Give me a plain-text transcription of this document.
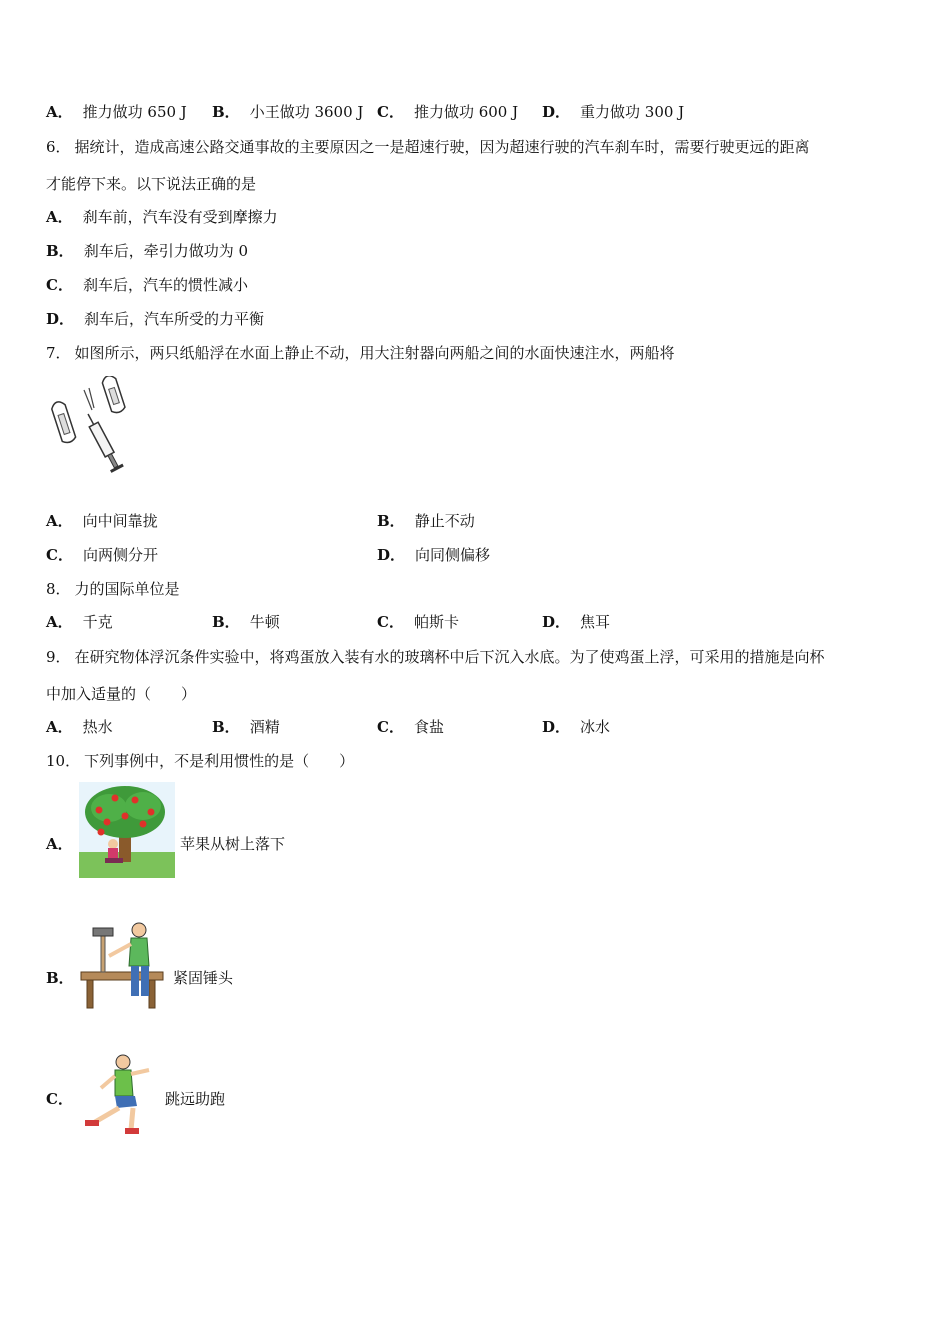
A． 推力做功 650 J B． 小王做功 3600 J C． 推力做功 600 J D． 重力做功 300 J
6． 据统计，造成高速公路交通事故的主要原因之一是超速行驶，因为超速行驶的汽车刹车时，需要行驶更远的距离
才能停下来。以下说法正确的是
A． 刹车前，汽车没有受到摩擦力
B． 刹车后，牵引力做功为 0
C． 刹车后，汽车的惯性减小
D． 刹车后，汽车所受的力平衡
7． 如图所示，两只纸船浮在水面上静止不动，用大注射器向两船之间的水面快速注水，两船将
A． 向中间靠拢	B． 静止不动
C． 向两侧分开	D． 向同侧偏移
8． 力的国际单位是
A． 千克	B． 牛顿	C． 帕斯卡	D． 焦耳
9． 在研究物体浮沉条件实验中，将鸡蛋放入装有水的玻璃杯中后下沉入水底。为了使鸡蛋上浮，可采用的措施是向杯
中加入适量的（　　）
A． 热水	B． 酒精	C． 食盐	D． 冰水
10． 下列事例中，不是利用惯性的是（　　）
A．	苹果从树上落下
B．	紧固锤头
C．	跳远助跑
